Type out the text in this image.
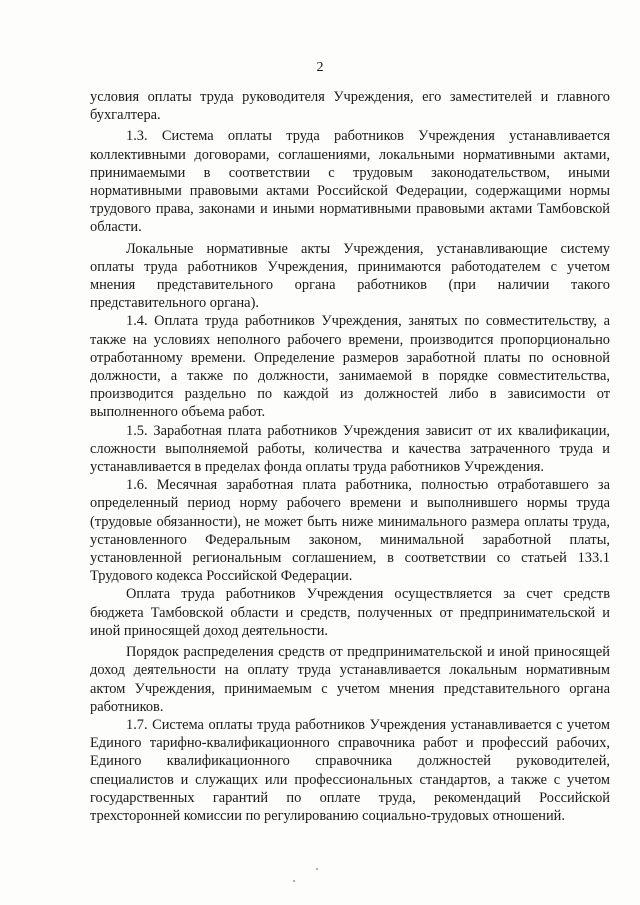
2

условия оплаты труда руководителя Учреждения, его заместителей и главного бухгалтера.

1.3. Система оплаты труда работников Учреждения устанавливается коллективными договорами, соглашениями, локальными нормативными актами, принимаемыми в соответствии с трудовым законодательством, иными нормативными правовыми актами Российской Федерации, содержащими нормы трудового права, законами и иными нормативными правовыми актами Тамбовской области.

Локальные нормативные акты Учреждения, устанавливающие систему оплаты труда работников Учреждения, принимаются работодателем с учетом мнения представительного органа работников (при наличии такого представительного органа).

1.4. Оплата труда работников Учреждения, занятых по совместительству, а также на условиях неполного рабочего времени, производится пропорционально отработанному времени. Определение размеров заработной платы по основной должности, а также по должности, занимаемой в порядке совместительства, производится раздельно по каждой из должностей либо в зависимости от выполненного объема работ.

1.5. Заработная плата работников Учреждения зависит от их квалификации, сложности выполняемой работы, количества и качества затраченного труда и устанавливается в пределах фонда оплаты труда работников Учреждения.

1.6. Месячная заработная плата работника, полностью отработавшего за определенный период норму рабочего времени и выполнившего нормы труда (трудовые обязанности), не может быть ниже минимального размера оплаты труда, установленного Федеральным законом, минимальной заработной платы, установленной региональным соглашением, в соответствии со статьей 133.1 Трудового кодекса Российской Федерации.

Оплата труда работников Учреждения осуществляется за счет средств бюджета Тамбовской области и средств, полученных от предпринимательской и иной приносящей доход деятельности.

Порядок распределения средств от предпринимательской и иной приносящей доход деятельности на оплату труда устанавливается локальным нормативным актом Учреждения, принимаемым с учетом мнения представительного органа работников.

1.7. Система оплаты труда работников Учреждения устанавливается с учетом Единого тарифно-квалификационного справочника работ и профессий рабочих, Единого квалификационного справочника должностей руководителей, специалистов и служащих или профессиональных стандартов, а также с учетом государственных гарантий по оплате труда, рекомендаций Российской трехсторонней комиссии по регулированию социально-трудовых отношений.
